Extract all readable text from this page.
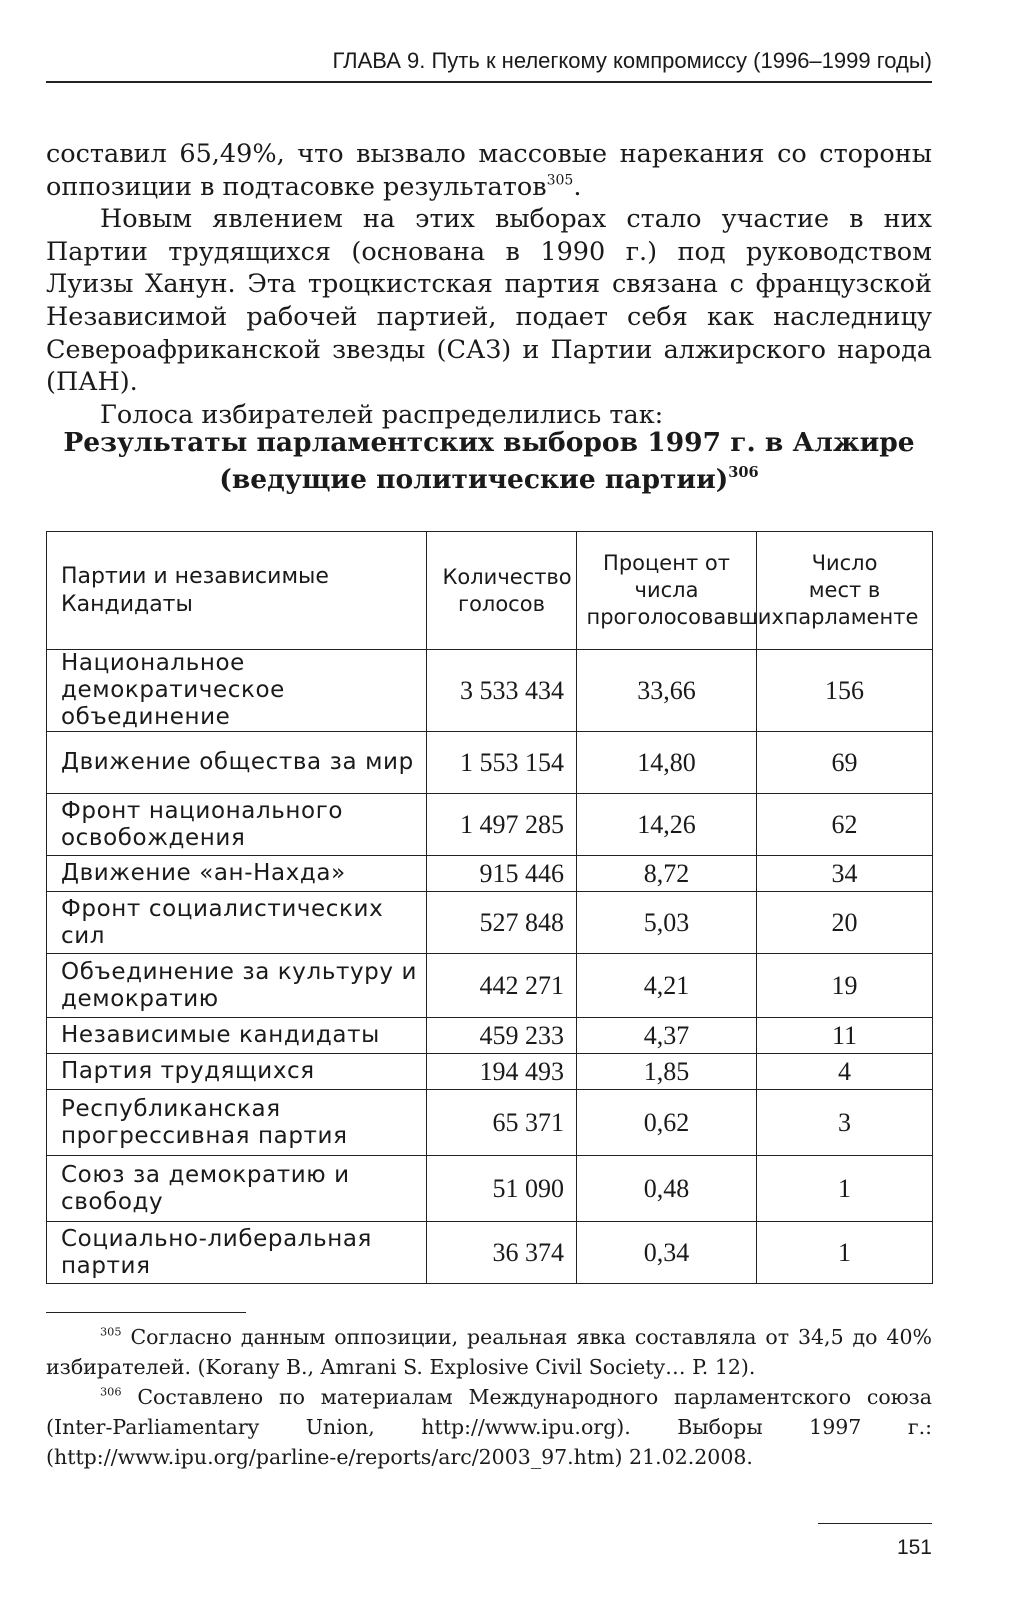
ГЛАВА 9. Путь к нелегкому компромиссу (1996–1999 годы)

составил 65,49%, что вызвало массовые нарекания со стороны оппозиции в подтасовке результатов$^{305}$.

Новым явлением на этих выборах стало участие в них Партии трудящихся (основана в 1990 г.) под руководством Луизы Ханун. Эта троцкистская партия связана с французской Независимой рабочей партией, подает себя как наследницу Североафриканской звезды (САЗ) и Партии алжирского народа (ПАН).

Голоса избирателей распределились так:

Результаты парламентских выборов 1997 г. в Алжире
(ведущие политические партии)$^{306}$
Партии и независимые Кандидаты	Количество голосов	Процент от числа проголосовавших	Число мест в парламенте

Национальное демократическое объединение	3 533 434	33,66	156
Движение общества за мир	1 553 154	14,80	69
Фронт национального освобождения	1 497 285	14,26	62
Движение «ан-Нахда»	915 446	8,72	34
Фронт социалистических сил	527 848	5,03	20
Объединение за культуру и демократию	442 271	4,21	19
Независимые кандидаты	459 233	4,37	11
Партия трудящихся	194 493	1,85	4
Республиканская прогрессивная партия	65 371	0,62	3
Союз за демократию и свободу	51 090	0,48	1
Социально-либеральная партия	36 374	0,34	1

$^{305}$ Согласно данным оппозиции, реальная явка составляла от 34,5 до 40% избирателей. (Korany B., Amrani S. Explosive Civil Society… P. 12).

$^{306}$ Составлено по материалам Международного парламентского союза (Inter-Parliamentary Union, http://www.ipu.org). Выборы 1997 г.: (http://www.ipu.org/parline-e/reports/arc/2003_97.htm) 21.02.2008.

151
